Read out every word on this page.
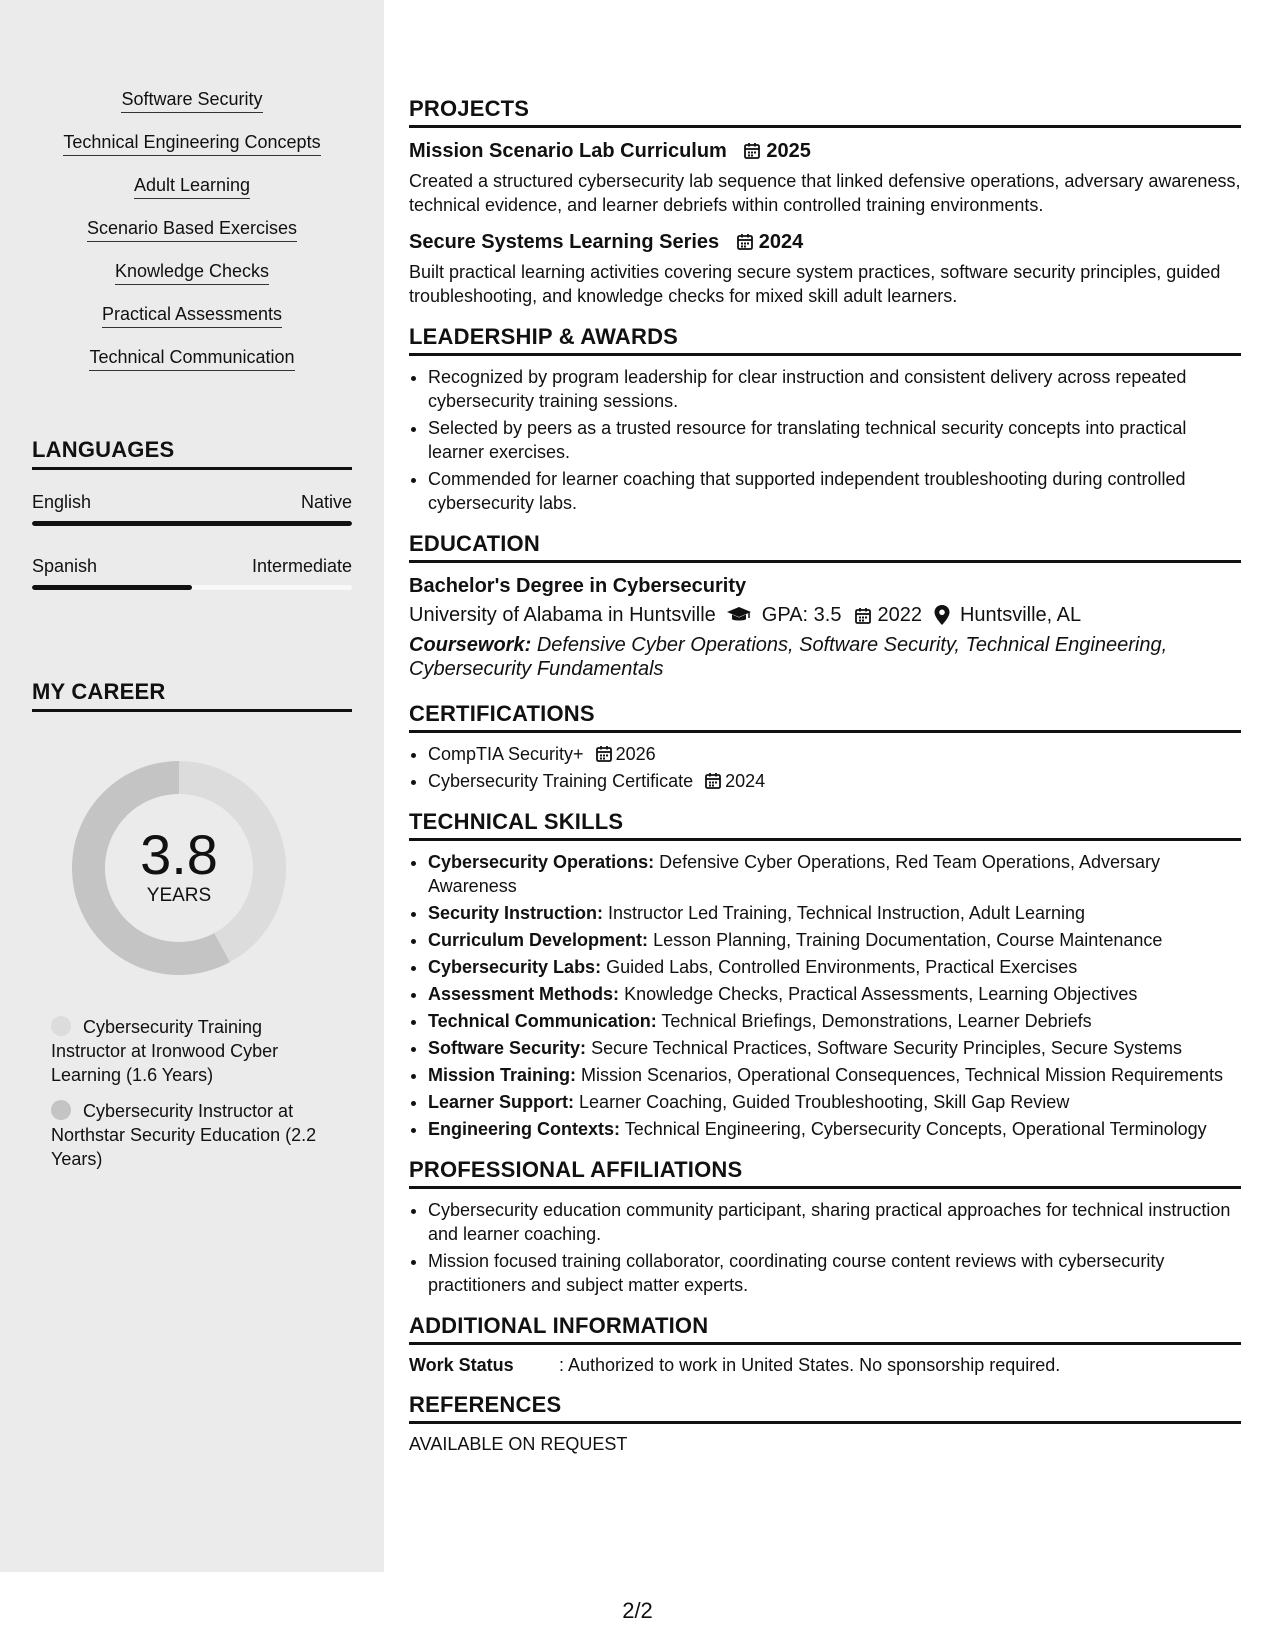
Software Security
Technical Engineering Concepts
Adult Learning
Scenario Based Exercises
Knowledge Checks
Practical Assessments
Technical Communication
LANGUAGES
English	Native
Spanish	Intermediate
MY CAREER
3.8
YEARS
Cybersecurity Training Instructor at Ironwood Cyber Learning (1.6 Years)
Cybersecurity Instructor at Northstar Security Education (2.2 Years)
PROJECTS
Mission Scenario Lab Curriculum 2025
Created a structured cybersecurity lab sequence that linked defensive operations, adversary awareness, technical evidence, and learner debriefs within controlled training environments.
Secure Systems Learning Series 2024
Built practical learning activities covering secure system practices, software security principles, guided troubleshooting, and knowledge checks for mixed skill adult learners.
LEADERSHIP & AWARDS
• Recognized by program leadership for clear instruction and consistent delivery across repeated cybersecurity training sessions.
• Selected by peers as a trusted resource for translating technical security concepts into practical learner exercises.
• Commended for learner coaching that supported independent troubleshooting during controlled cybersecurity labs.
EDUCATION
Bachelor's Degree in Cybersecurity
University of Alabama in Huntsville GPA: 3.5 2022 Huntsville, AL
Coursework: Defensive Cyber Operations, Software Security, Technical Engineering, Cybersecurity Fundamentals
CERTIFICATIONS
• CompTIA Security+ 2026
• Cybersecurity Training Certificate 2024
TECHNICAL SKILLS
• Cybersecurity Operations: Defensive Cyber Operations, Red Team Operations, Adversary Awareness
• Security Instruction: Instructor Led Training, Technical Instruction, Adult Learning
• Curriculum Development: Lesson Planning, Training Documentation, Course Maintenance
• Cybersecurity Labs: Guided Labs, Controlled Environments, Practical Exercises
• Assessment Methods: Knowledge Checks, Practical Assessments, Learning Objectives
• Technical Communication: Technical Briefings, Demonstrations, Learner Debriefs
• Software Security: Secure Technical Practices, Software Security Principles, Secure Systems
• Mission Training: Mission Scenarios, Operational Consequences, Technical Mission Requirements
• Learner Support: Learner Coaching, Guided Troubleshooting, Skill Gap Review
• Engineering Contexts: Technical Engineering, Cybersecurity Concepts, Operational Terminology
PROFESSIONAL AFFILIATIONS
• Cybersecurity education community participant, sharing practical approaches for technical instruction and learner coaching.
• Mission focused training collaborator, coordinating course content reviews with cybersecurity practitioners and subject matter experts.
ADDITIONAL INFORMATION
Work Status	: Authorized to work in United States. No sponsorship required.
REFERENCES
AVAILABLE ON REQUEST
2/2
